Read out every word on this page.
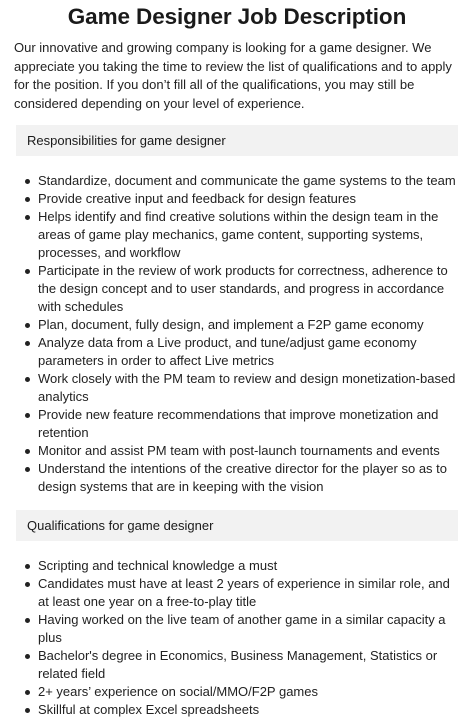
Game Designer Job Description

Our innovative and growing company is looking for a game designer. We appreciate you taking the time to review the list of qualifications and to apply for the position. If you don’t fill all of the qualifications, you may still be considered depending on your level of experience.

Responsibilities for game designer
Standardize, document and communicate the game systems to the team
Provide creative input and feedback for design features
Helps identify and find creative solutions within the design team in the areas of game play mechanics, game content, supporting systems, processes, and workflow
Participate in the review of work products for correctness, adherence to the design concept and to user standards, and progress in accordance with schedules
Plan, document, fully design, and implement a F2P game economy
Analyze data from a Live product, and tune/adjust game economy parameters in order to affect Live metrics
Work closely with the PM team to review and design monetization-based analytics
Provide new feature recommendations that improve monetization and retention
Monitor and assist PM team with post-launch tournaments and events
Understand the intentions of the creative director for the player so as to design systems that are in keeping with the vision
Qualifications for game designer
Scripting and technical knowledge a must
Candidates must have at least 2 years of experience in similar role, and at least one year on a free-to-play title
Having worked on the live team of another game in a similar capacity a plus
Bachelor's degree in Economics, Business Management, Statistics or related field
2+ years’ experience on social/MMO/F2P games
Skillful at complex Excel spreadsheets
